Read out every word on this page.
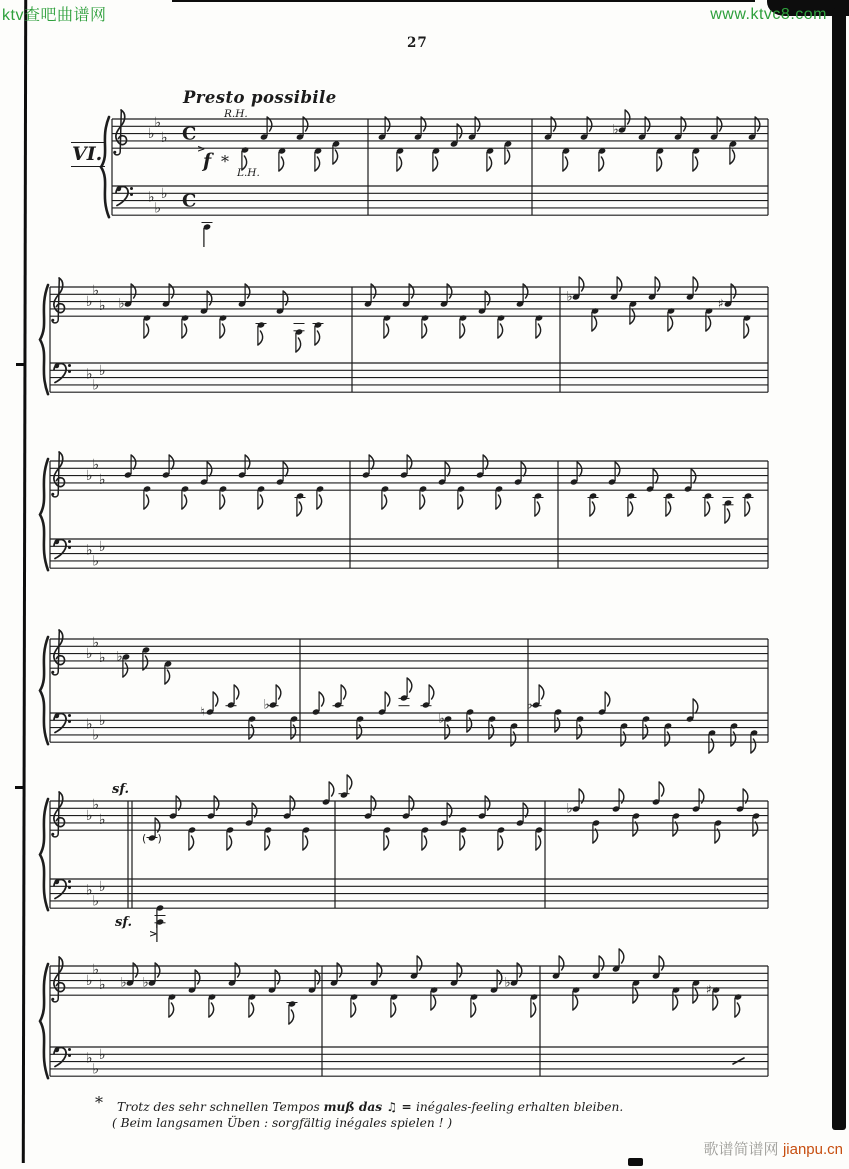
ktv查吧曲谱网	www.ktvc8.com
歌谱简谱网 jianpu.cn
27
VI.
Presto possibile
R.H.
>
f *
L.H.
sf.
sf.
>
♭
♭
♭
♭
♭
♭
C
C
♭
♭
♭
♭
♭
♭
♭
♭	♭	♯
♭
♭
♭
♭
♭
♭
♭
♭
♭
♭
♭
♭
♭
♮	♭
♭
♭
♭
♭
♭
♭
♭
♭
( )
♭
♭
♭
♭
♭
♭
♭
♭ ♭	♭	♯
* Trotz des sehr schnellen Tempos muß das ♫ = inégales-feeling erhalten bleiben.
( Beim langsamen Üben : sorgfältig inégales spielen ! )
